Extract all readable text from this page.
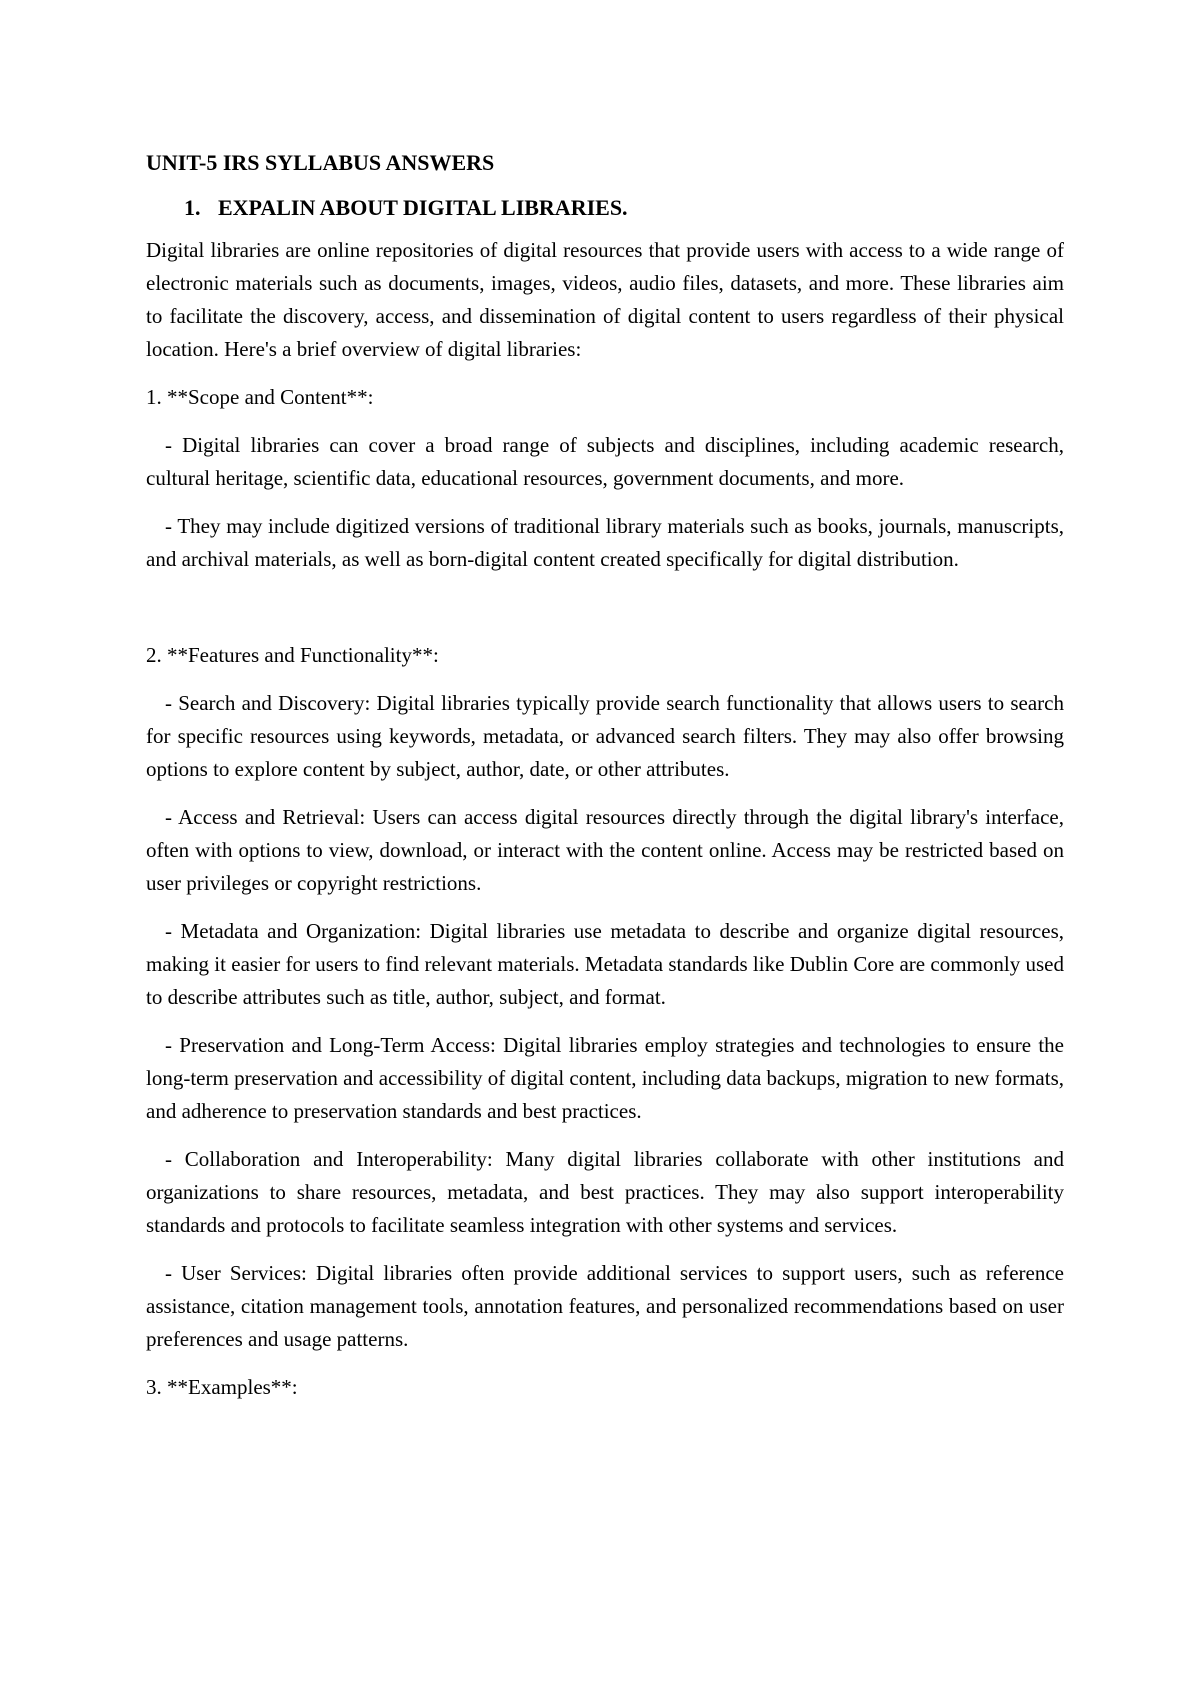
UNIT-5 IRS SYLLABUS ANSWERS
1. EXPALIN ABOUT DIGITAL LIBRARIES.

Digital libraries are online repositories of digital resources that provide users with access to a wide range of electronic materials such as documents, images, videos, audio files, datasets, and more. These libraries aim to facilitate the discovery, access, and dissemination of digital content to users regardless of their physical location. Here's a brief overview of digital libraries:

1. **Scope and Content**:

- Digital libraries can cover a broad range of subjects and disciplines, including academic research, cultural heritage, scientific data, educational resources, government documents, and more.

- They may include digitized versions of traditional library materials such as books, journals, manuscripts, and archival materials, as well as born-digital content created specifically for digital distribution.

2. **Features and Functionality**:

- Search and Discovery: Digital libraries typically provide search functionality that allows users to search for specific resources using keywords, metadata, or advanced search filters. They may also offer browsing options to explore content by subject, author, date, or other attributes.

- Access and Retrieval: Users can access digital resources directly through the digital library's interface, often with options to view, download, or interact with the content online. Access may be restricted based on user privileges or copyright restrictions.

- Metadata and Organization: Digital libraries use metadata to describe and organize digital resources, making it easier for users to find relevant materials. Metadata standards like Dublin Core are commonly used to describe attributes such as title, author, subject, and format.

- Preservation and Long-Term Access: Digital libraries employ strategies and technologies to ensure the long-term preservation and accessibility of digital content, including data backups, migration to new formats, and adherence to preservation standards and best practices.

- Collaboration and Interoperability: Many digital libraries collaborate with other institutions and organizations to share resources, metadata, and best practices. They may also support interoperability standards and protocols to facilitate seamless integration with other systems and services.

- User Services: Digital libraries often provide additional services to support users, such as reference assistance, citation management tools, annotation features, and personalized recommendations based on user preferences and usage patterns.

3. **Examples**:
